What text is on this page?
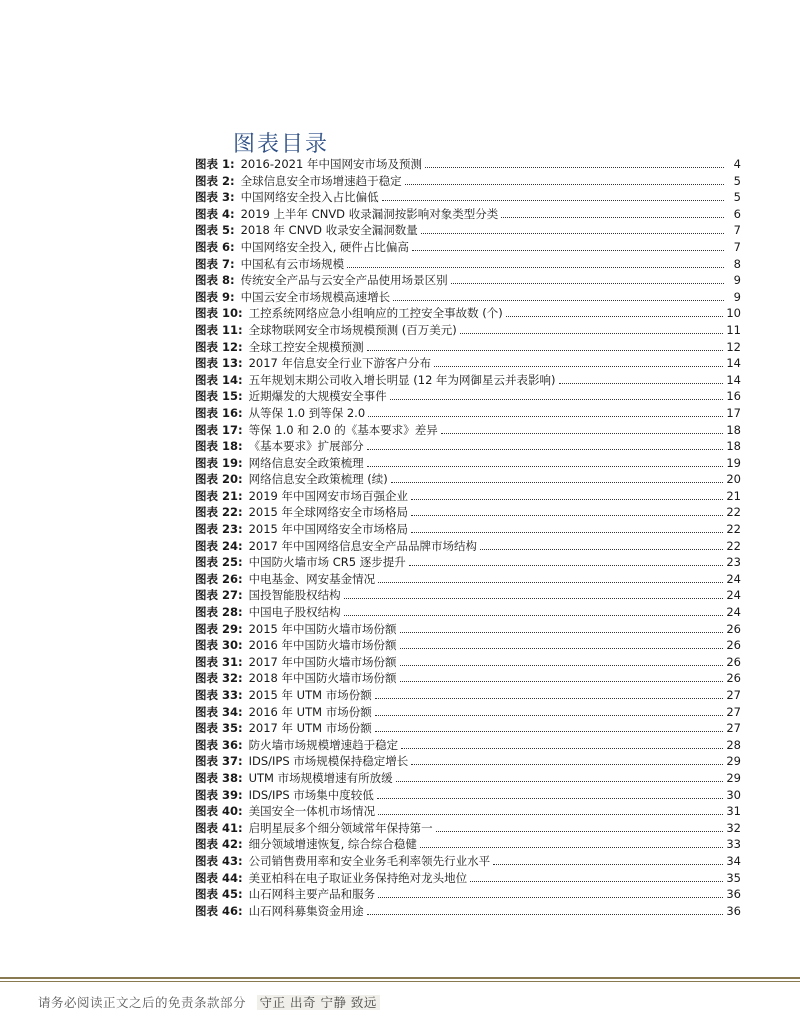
图表目录
图表 1: 2016-2021 年中国网安市场及预测	4
图表 2: 全球信息安全市场增速趋于稳定	5
图表 3: 中国网络安全投入占比偏低	5
图表 4: 2019 上半年 CNVD 收录漏洞按影响对象类型分类	6
图表 5: 2018 年 CNVD 收录安全漏洞数量	7
图表 6: 中国网络安全投入, 硬件占比偏高	7
图表 7: 中国私有云市场规模	8
图表 8: 传统安全产品与云安全产品使用场景区别	9
图表 9: 中国云安全市场规模高速增长	9
图表 10: 工控系统网络应急小组响应的工控安全事故数 (个)	10
图表 11: 全球物联网安全市场规模预测 (百万美元)	11
图表 12: 全球工控安全规模预测	12
图表 13: 2017 年信息安全行业下游客户分布	14
图表 14: 五年规划末期公司收入增长明显 (12 年为网御星云并表影响)	14
图表 15: 近期爆发的大规模安全事件	16
图表 16: 从等保 1.0 到等保 2.0	17
图表 17: 等保 1.0 和 2.0 的《基本要求》差异	18
图表 18: 《基本要求》扩展部分	18
图表 19: 网络信息安全政策梳理	19
图表 20: 网络信息安全政策梳理 (续)	20
图表 21: 2019 年中国网安市场百强企业	21
图表 22: 2015 年全球网络安全市场格局	22
图表 23: 2015 年中国网络安全市场格局	22
图表 24: 2017 年中国网络信息安全产品品牌市场结构	22
图表 25: 中国防火墙市场 CR5 逐步提升	23
图表 26: 中电基金、网安基金情况	24
图表 27: 国投智能股权结构	24
图表 28: 中国电子股权结构	24
图表 29: 2015 年中国防火墙市场份额	26
图表 30: 2016 年中国防火墙市场份额	26
图表 31: 2017 年中国防火墙市场份额	26
图表 32: 2018 年中国防火墙市场份额	26
图表 33: 2015 年 UTM 市场份额	27
图表 34: 2016 年 UTM 市场份额	27
图表 35: 2017 年 UTM 市场份额	27
图表 36: 防火墙市场规模增速趋于稳定	28
图表 37: IDS/IPS 市场规模保持稳定增长	29
图表 38: UTM 市场规模增速有所放缓	29
图表 39: IDS/IPS 市场集中度较低	30
图表 40: 美国安全一体机市场情况	31
图表 41: 启明星辰多个细分领域常年保持第一	32
图表 42: 细分领域增速恢复, 综合综合稳健	33
图表 43: 公司销售费用率和安全业务毛利率领先行业水平	34
图表 44: 美亚柏科在电子取证业务保持绝对龙头地位	35
图表 45: 山石网科主要产品和服务	36
图表 46: 山石网科募集资金用途	36
请务必阅读正文之后的免责条款部分 守正 出奇 宁静 致远
